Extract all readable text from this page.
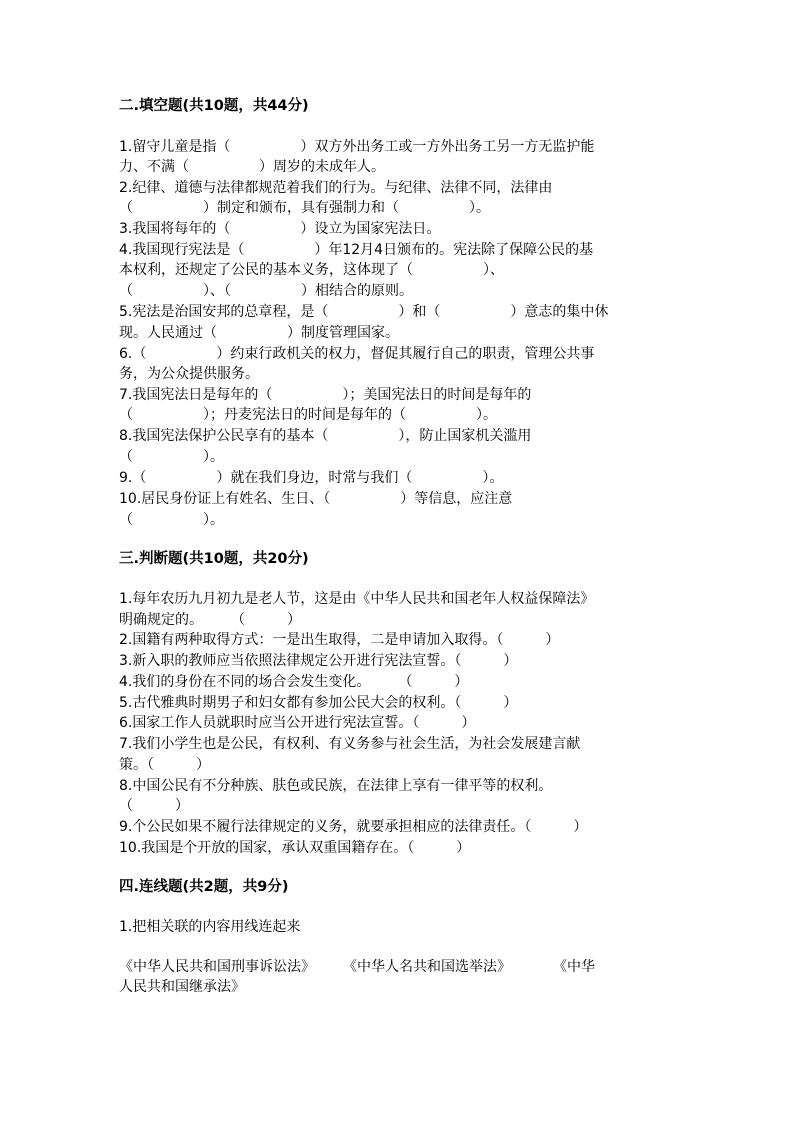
二.填空题(共10题，共44分)
1.留守儿童是指（　　　　　）双方外出务工或一方外出务工另一方无监护能
力、不满（　　　　　）周岁的未成年人。
2.纪律、道德与法律都规范着我们的行为。与纪律、法律不同，法律由
（　　　　　）制定和颁布，具有强制力和（　　　　　）。
3.我国将每年的（　　　　　）设立为国家宪法日。
4.我国现行宪法是（　　　　　）年12月4日颁布的。宪法除了保障公民的基
本权利，还规定了公民的基本义务，这体现了（　　　　　）、
（　　　　　）、（　　　　　）相结合的原则。
5.宪法是治国安邦的总章程，是（　　　　　）和（　　　　　）意志的集中休
现。人民通过（　　　　　）制度管理国家。
6.（　　　　　）约束行政机关的权力，督促其履行自己的职责，管理公共事
务，为公众提供服务。
7.我国宪法日是每年的（　　　　　）；美国宪法日的时间是每年的
（　　　　　）；丹麦宪法日的时间是每年的（　　　　　）。
8.我国宪法保护公民享有的基本（　　　　　），防止国家机关滥用
（　　　　　）。
9.（　　　　　）就在我们身边，时常与我们（　　　　　）。
10.居民身份证上有姓名、生日、（　　　　　）等信息，应注意
（　　　　　）。
三.判断题(共10题，共20分)
1.每年农历九月初九是老人节，这是由《中华人民共和国老年人权益保障法》
明确规定的。　　　（　　　）
2.国籍有两种取得方式：一是出生取得，二是申请加入取得。（　　　）
3.新入职的教师应当依照法律规定公开进行宪法宣誓。（　　　）
4.我们的身份在不同的场合会发生变化。　　　（　　　）
5.古代雅典时期男子和妇女都有参加公民大会的权利。（　　　）
6.国家工作人员就职时应当公开进行宪法宣誓。（　　　）
7.我们小学生也是公民，有权利、有义务参与社会生活，为社会发展建言献
策。（　　　）
8.中国公民有不分种族、肤色或民族，在法律上享有一律平等的权利。
（　　　）
9.个公民如果不履行法律规定的义务，就要承担相应的法律责任。（　　　）
10.我国是个开放的国家，承认双重国籍存在。（　　　）
四.连线题(共2题，共9分)
1.把相关联的内容用线连起来
《中华人民共和国刑事诉讼法》　　　《中华人名共和国选举法》　　　　《中华
人民共和国继承法》
